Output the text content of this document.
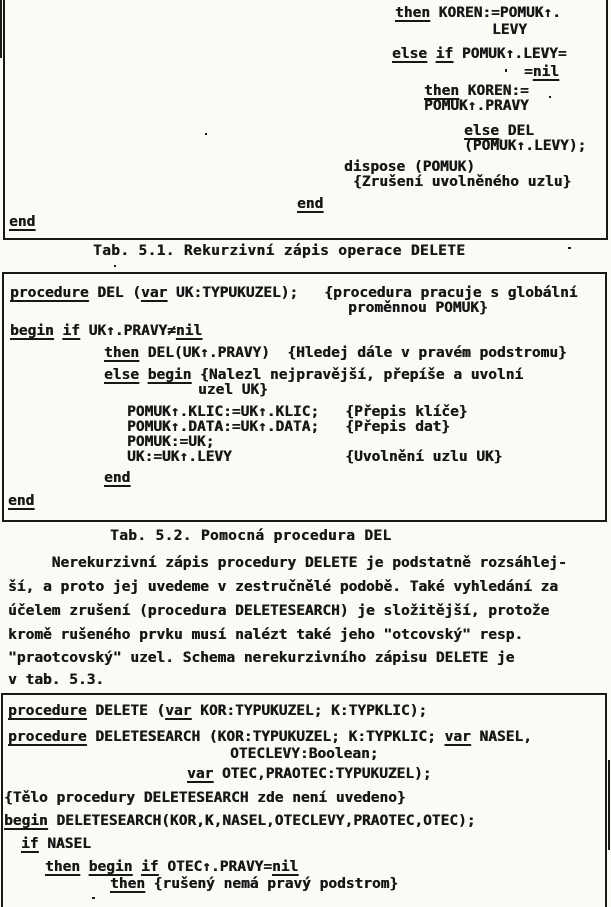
then KOREN:=POMUK↑.
LEVY
else if POMUK↑.LEVY=
=nil
then KOREN:=
POMUK↑.PRAVY
else DEL
(POMUK↑.LEVY);
dispose (POMUK)
{Zrušení uvolněného uzlu}
end
end
Tab. 5.1. Rekurzivní zápis operace DELETE
procedure DEL (var UK:TYPUKUZEL);   {procedura pracuje s globální
proměnnou POMUK}
begin if UK↑.PRAVY≠nil
then DEL(UK↑.PRAVY)  {Hledej dále v pravém podstromu}
else begin {Nalezl nejpravější, přepíše a uvolní
uzel UK}
POMUK↑.KLIC:=UK↑.KLIC;   {Přepis klíče}
POMUK↑.DATA:=UK↑.DATA;   {Přepis dat}
POMUK:=UK;
UK:=UK↑.LEVY             {Uvolnění uzlu UK}
end
end
Tab. 5.2. Pomocná procedura DEL
Nerekurzivní zápis procedury DELETE je podstatně rozsáhlej-
ší, a proto jej uvedeme v zestručnělé podobě. Také vyhledání za
účelem zrušení (procedura DELETESEARCH) je složitější, protože
kromě rušeného prvku musí nalézt také jeho "otcovský" resp.
"praotcovský" uzel. Schema nerekurzivního zápisu DELETE je
v tab. 5.3.
procedure DELETE (var KOR:TYPUKUZEL; K:TYPKLIC);
procedure DELETESEARCH (KOR:TYPUKUZEL; K:TYPKLIC; var NASEL,
OTECLEVY:Boolean;
var OTEC,PRAOTEC:TYPUKUZEL);
{Tělo procedury DELETESEARCH zde není uvedeno}
begin DELETESEARCH(KOR,K,NASEL,OTECLEVY,PRAOTEC,OTEC);
if NASEL
then begin if OTEC↑.PRAVY=nil
then {rušený nemá pravý podstrom}
